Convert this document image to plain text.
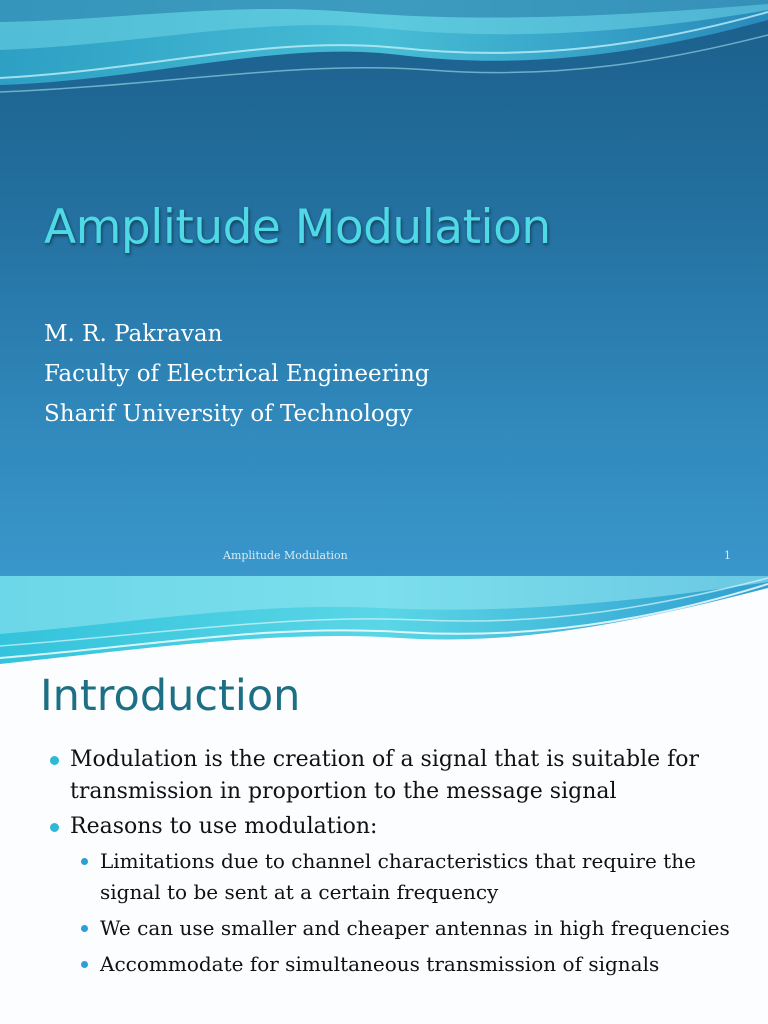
Amplitude Modulation
M. R. Pakravan
Faculty of Electrical Engineering
Sharif University of Technology
Amplitude Modulation	1
Introduction
Modulation is the creation of a signal that is suitable for transmission in proportion to the message signal
Reasons to use modulation:
Limitations due to channel characteristics that require the signal to be sent at a certain frequency
We can use smaller and cheaper antennas in high frequencies
Accommodate for simultaneous transmission of signals
